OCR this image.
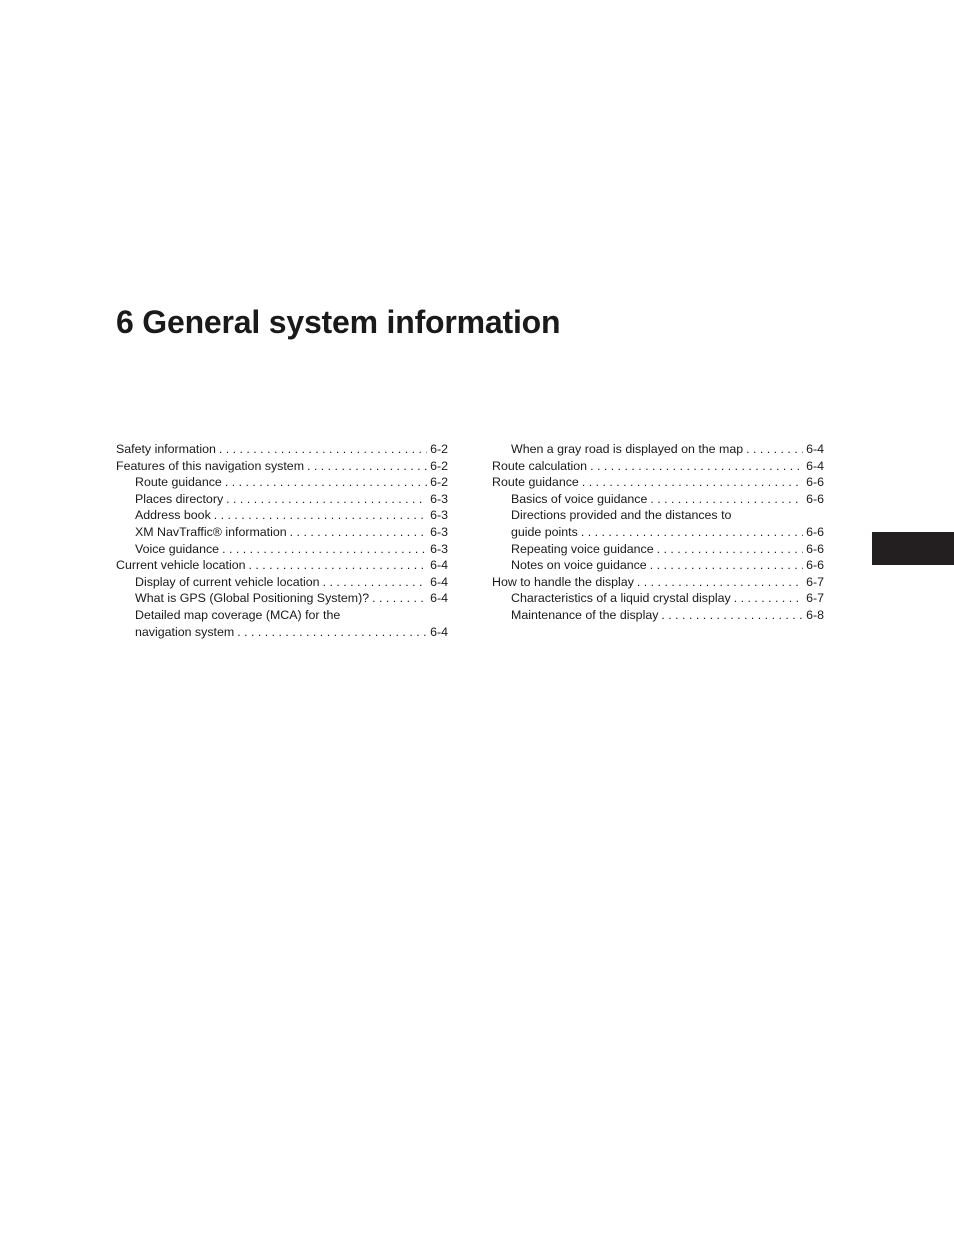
6 General system information
Safety information . . .	6-2
Features of this navigation system . . .	6-2
Route guidance . . .	6-2
Places directory . . .	6-3
Address book . . .	6-3
XM NavTraffic® information . . .	6-3
Voice guidance . . .	6-3
Current vehicle location . . .	6-4
Display of current vehicle location . . .	6-4
What is GPS (Global Positioning System)? . . .	6-4
Detailed map coverage (MCA) for the
navigation system . . .	6-4
When a gray road is displayed on the map . . .	6-4
Route calculation . . .	6-4
Route guidance . . .	6-6
Basics of voice guidance . . .	6-6
Directions provided and the distances to
guide points . . .	6-6
Repeating voice guidance . . .	6-6
Notes on voice guidance . . .	6-6
How to handle the display . . .	6-7
Characteristics of a liquid crystal display . . .	6-7
Maintenance of the display . . .	6-8
